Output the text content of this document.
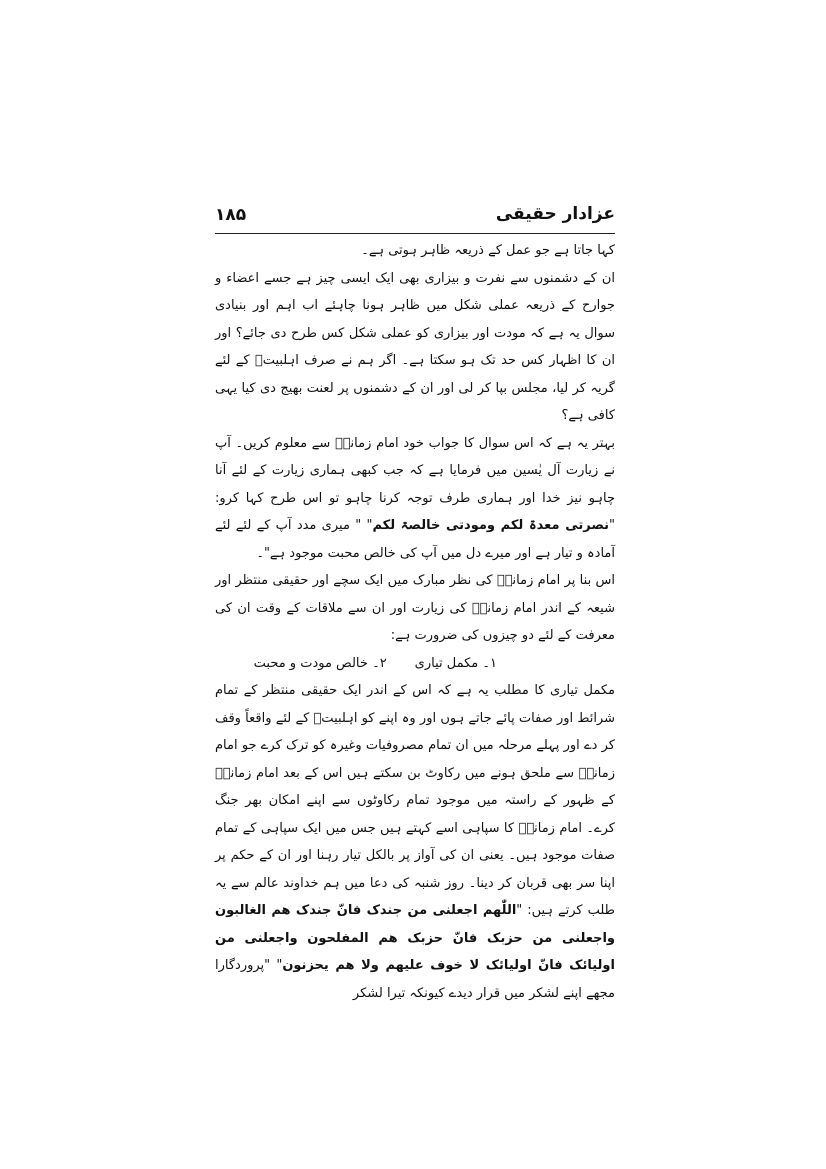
۱۸۵	عزادار حقیقی

کہا جاتا ہے جو عمل کے ذریعہ ظاہر ہوتی ہے۔

ان کے دشمنوں سے نفرت و بیزاری بھی ایک ایسی چیز ہے جسے اعضاء و جوارح کے ذریعہ عملی شکل میں ظاہر ہونا چاہئے اب اہم اور بنیادی سوال یہ ہے کہ مودت اور بیزاری کو عملی شکل کس طرح دی جائے؟ اور ان کا اظہار کس حد تک ہو سکتا ہے۔ اگر ہم نے صرف اہلبیتؑ کے لئے گریہ کر لیا، مجلس بپا کر لی اور ان کے دشمنوں پر لعنت بھیج دی کیا یہی کافی ہے؟

بہتر یہ ہے کہ اس سوال کا جواب خود امام زمانہؑ سے معلوم کریں۔ آپ نے زیارت آل یٰسین میں فرمایا ہے کہ جب کبھی ہماری زیارت کے لئے آنا چاہو نیز خدا اور ہماری طرف توجہ کرنا چاہو تو اس طرح کہا کرو: "نصرتی معدۃ لکم ومودتی خالصۃ لکم" " میری مدد آپ کے لئے لئے آمادہ و تیار ہے اور میرے دل میں آپ کی خالص محبت موجود ہے"۔

اس بنا پر امام زمانہؑ کی نظر مبارک میں ایک سچے اور حقیقی منتظر اور شیعہ کے اندر امام زمانہؑ کی زیارت اور ان سے ملاقات کے وقت ان کی معرفت کے لئے دو چیزوں کی ضرورت ہے:

۱۔ مکمل تیاری
۲۔ خالص مودت و محبت

مکمل تیاری کا مطلب یہ ہے کہ اس کے اندر ایک حقیقی منتظر کے تمام شرائط اور صفات پائے جاتے ہوں اور وہ اپنے کو اہلبیتؑ کے لئے واقعاً وقف کر دے اور پہلے مرحلہ میں ان تمام مصروفیات وغیرہ کو ترک کرے جو امام زمانہؑ سے ملحق ہونے میں رکاوٹ بن سکتے ہیں اس کے بعد امام زمانہؑ کے ظہور کے راستہ میں موجود تمام رکاوٹوں سے اپنے امکان بھر جنگ کرے۔ امام زمانہؑ کا سپاہی اسے کہتے ہیں جس میں ایک سپاہی کے تمام صفات موجود ہیں۔ یعنی ان کی آواز پر بالکل تیار رہنا اور ان کے حکم پر اپنا سر بھی قربان کر دینا۔ روز شنبہ کی دعا میں ہم خداوند عالم سے یہ طلب کرتے ہیں: "اللّٰھم اجعلنی من جندک فانّ جندک ھم الغالبون واجعلنی من حزبک فانّ حزبک ھم المفلحون واجعلنی من اولیائک فانّ اولیائک لا خوف علیھم ولا ھم یحزنون" "پروردگارا مجھے اپنے لشکر میں قرار دیدے کیونکہ تیرا لشکر
